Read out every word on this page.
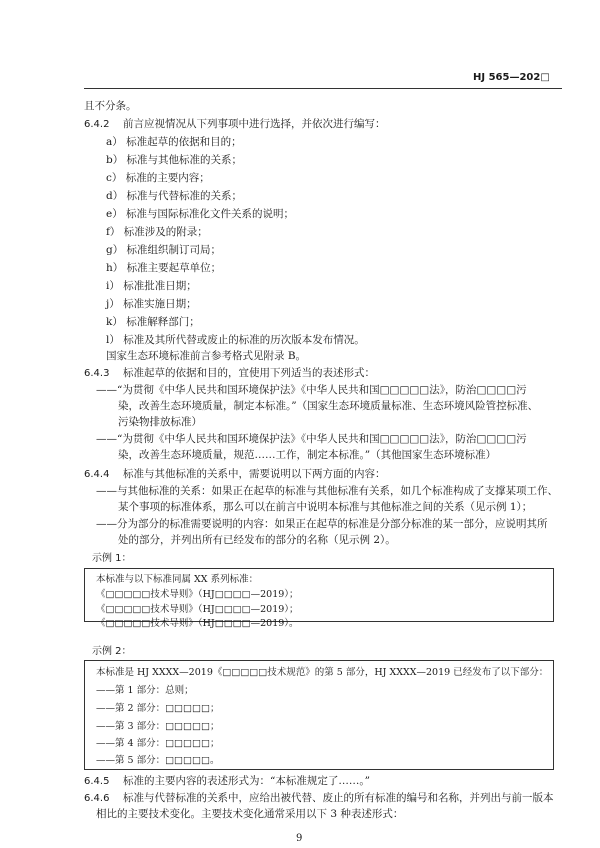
HJ 565—202□
且不分条。
6.4.2 前言应视情况从下列事项中进行选择，并依次进行编写：
a） 标准起草的依据和目的；
b） 标准与其他标准的关系；
c） 标准的主要内容；
d） 标准与代替标准的关系；
e） 标准与国际标准化文件关系的说明；
f） 标准涉及的附录；
g） 标准组织制订司局；
h） 标准主要起草单位；
i） 标准批准日期；
j） 标准实施日期；
k） 标准解释部门；
l） 标准及其所代替或废止的标准的历次版本发布情况。
国家生态环境标准前言参考格式见附录 B。
6.4.3 标准起草的依据和目的，宜使用下列适当的表述形式：
——“为贯彻《中华人民共和国环境保护法》《中华人民共和国□□□□□法》，防治□□□□污
染，改善生态环境质量，制定本标准。”（国家生态环境质量标准、生态环境风险管控标准、
污染物排放标准）
——“为贯彻《中华人民共和国环境保护法》《中华人民共和国□□□□□法》，防治□□□□污
染，改善生态环境质量，规范……工作，制定本标准。”（其他国家生态环境标准）
6.4.4 标准与其他标准的关系中，需要说明以下两方面的内容：
——与其他标准的关系：如果正在起草的标准与其他标准有关系，如几个标准构成了支撑某项工作、
某个事项的标准体系，那么可以在前言中说明本标准与其他标准之间的关系（见示例 1）；
——分为部分的标准需要说明的内容：如果正在起草的标准是分部分标准的某一部分，应说明其所
处的部分，并列出所有已经发布的部分的名称（见示例 2）。
示例 1：
本标准与以下标准同属 XX 系列标准：
《□□□□□技术导则》（HJ□□□□—2019）；
《□□□□□技术导则》（HJ□□□□—2019）；
《□□□□□技术导则》（HJ□□□□—2019）。
示例 2：
本标准是 HJ XXXX—2019《□□□□□技术规范》的第 5 部分，HJ XXXX—2019 已经发布了以下部分：
——第 1 部分：总则；
——第 2 部分：□□□□□；
——第 3 部分：□□□□□；
——第 4 部分：□□□□□；
——第 5 部分：□□□□□。
6.4.5 标准的主要内容的表述形式为：“本标准规定了……。”
6.4.6 标准与代替标准的关系中，应给出被代替、废止的所有标准的编号和名称，并列出与前一版本
相比的主要技术变化。主要技术变化通常采用以下 3 种表述形式：
9
